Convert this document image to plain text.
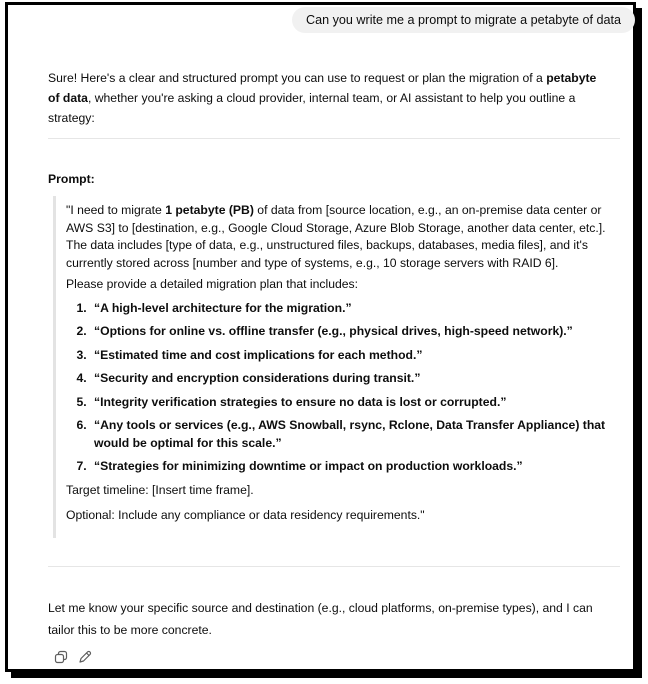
Can you write me a prompt to migrate a petabyte of data
Sure! Here's a clear and structured prompt you can use to request or plan the migration of a petabyte of data, whether you're asking a cloud provider, internal team, or AI assistant to help you outline a strategy:
Prompt:

"I need to migrate 1 petabyte (PB) of data from [source location, e.g., an on-premise data center or AWS S3] to [destination, e.g., Google Cloud Storage, Azure Blob Storage, another data center, etc.]. The data includes [type of data, e.g., unstructured files, backups, databases, media files], and it's currently stored across [number and type of systems, e.g., 10 storage servers with RAID 6].

Please provide a detailed migration plan that includes:

1. “A high-level architecture for the migration.”
2. “Options for online vs. offline transfer (e.g., physical drives, high-speed network).”
3. “Estimated time and cost implications for each method.”
4. “Security and encryption considerations during transit.”
5. “Integrity verification strategies to ensure no data is lost or corrupted.”
6. “Any tools or services (e.g., AWS Snowball, rsync, Rclone, Data Transfer Appliance) that would be optimal for this scale.”
7. “Strategies for minimizing downtime or impact on production workloads.”

Target timeline: [Insert time frame].

Optional: Include any compliance or data residency requirements."

Let me know your specific source and destination (e.g., cloud platforms, on-premise types), and I can tailor this to be more concrete.
